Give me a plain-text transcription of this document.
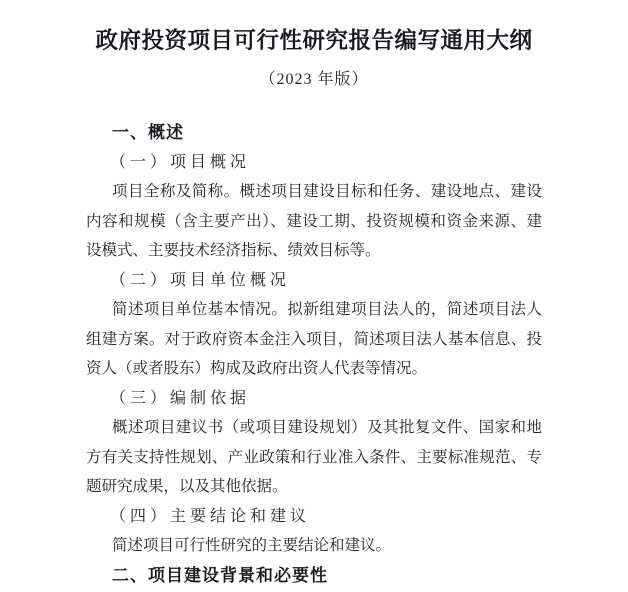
政府投资项目可行性研究报告编写通用大纲
（2023 年版）
一、概述
（一）项目概况
项目全称及简称。概述项目建设目标和任务、建设地点、建设内容和规模（含主要产出）、建设工期、投资规模和资金来源、建设模式、主要技术经济指标、绩效目标等。
（二）项目单位概况
简述项目单位基本情况。拟新组建项目法人的，简述项目法人组建方案。对于政府资本金注入项目，简述项目法人基本信息、投资人（或者股东）构成及政府出资人代表等情况。
（三）编制依据
概述项目建议书（或项目建设规划）及其批复文件、国家和地方有关支持性规划、产业政策和行业准入条件、主要标准规范、专题研究成果，以及其他依据。
（四）主要结论和建议
简述项目可行性研究的主要结论和建议。
二、项目建设背景和必要性
